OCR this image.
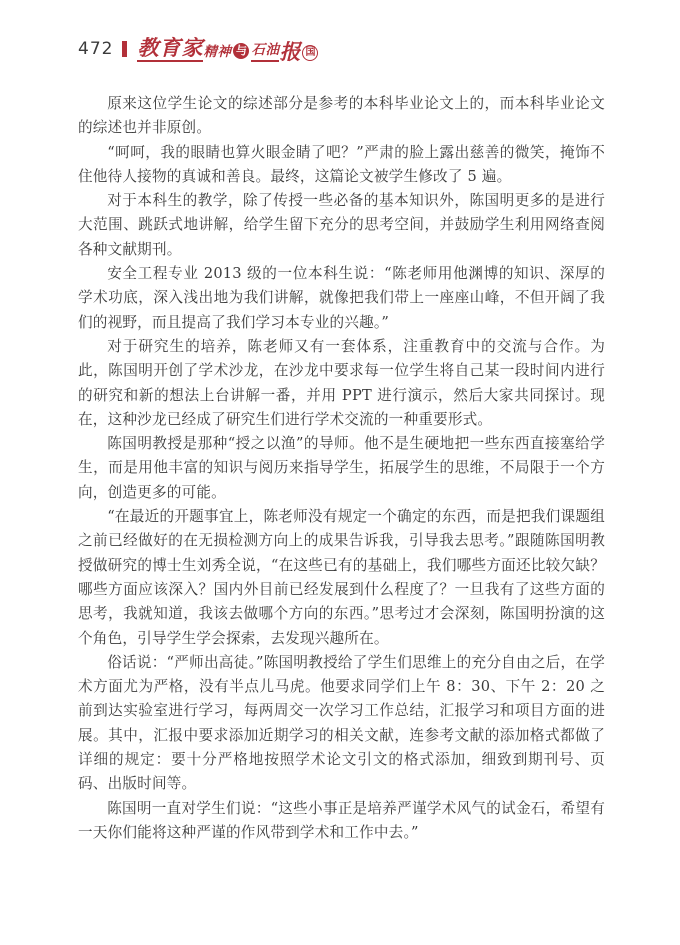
472 教育家 精神 与 石油 报 国

原来这位学生论文的综述部分是参考的本科毕业论文上的，而本科毕业论文的综述也并非原创。

“呵呵，我的眼睛也算火眼金睛了吧？”严肃的脸上露出慈善的微笑，掩饰不住他待人接物的真诚和善良。最终，这篇论文被学生修改了 5 遍。

对于本科生的教学，除了传授一些必备的基本知识外，陈国明更多的是进行大范围、跳跃式地讲解，给学生留下充分的思考空间，并鼓励学生利用网络查阅各种文献期刊。

安全工程专业 2013 级的一位本科生说：“陈老师用他渊博的知识、深厚的学术功底，深入浅出地为我们讲解，就像把我们带上一座座山峰，不但开阔了我们的视野，而且提高了我们学习本专业的兴趣。”

对于研究生的培养，陈老师又有一套体系，注重教育中的交流与合作。为此，陈国明开创了学术沙龙，在沙龙中要求每一位学生将自己某一段时间内进行的研究和新的想法上台讲解一番，并用 PPT 进行演示，然后大家共同探讨。现在，这种沙龙已经成了研究生们进行学术交流的一种重要形式。

陈国明教授是那种“授之以渔”的导师。他不是生硬地把一些东西直接塞给学生，而是用他丰富的知识与阅历来指导学生，拓展学生的思维，不局限于一个方向，创造更多的可能。

“在最近的开题事宜上，陈老师没有规定一个确定的东西，而是把我们课题组之前已经做好的在无损检测方向上的成果告诉我，引导我去思考。”跟随陈国明教授做研究的博士生刘秀全说，“在这些已有的基础上，我们哪些方面还比较欠缺？哪些方面应该深入？国内外目前已经发展到什么程度了？一旦我有了这些方面的思考，我就知道，我该去做哪个方向的东西。”思考过才会深刻，陈国明扮演的这个角色，引导学生学会探索，去发现兴趣所在。

俗话说：“严师出高徒。”陈国明教授给了学生们思维上的充分自由之后，在学术方面尤为严格，没有半点儿马虎。他要求同学们上午 8：30、下午 2：20 之前到达实验室进行学习，每两周交一次学习工作总结，汇报学习和项目方面的进展。其中，汇报中要求添加近期学习的相关文献，连参考文献的添加格式都做了详细的规定：要十分严格地按照学术论文引文的格式添加，细致到期刊号、页码、出版时间等。

陈国明一直对学生们说：“这些小事正是培养严谨学术风气的试金石，希望有一天你们能将这种严谨的作风带到学术和工作中去。”
